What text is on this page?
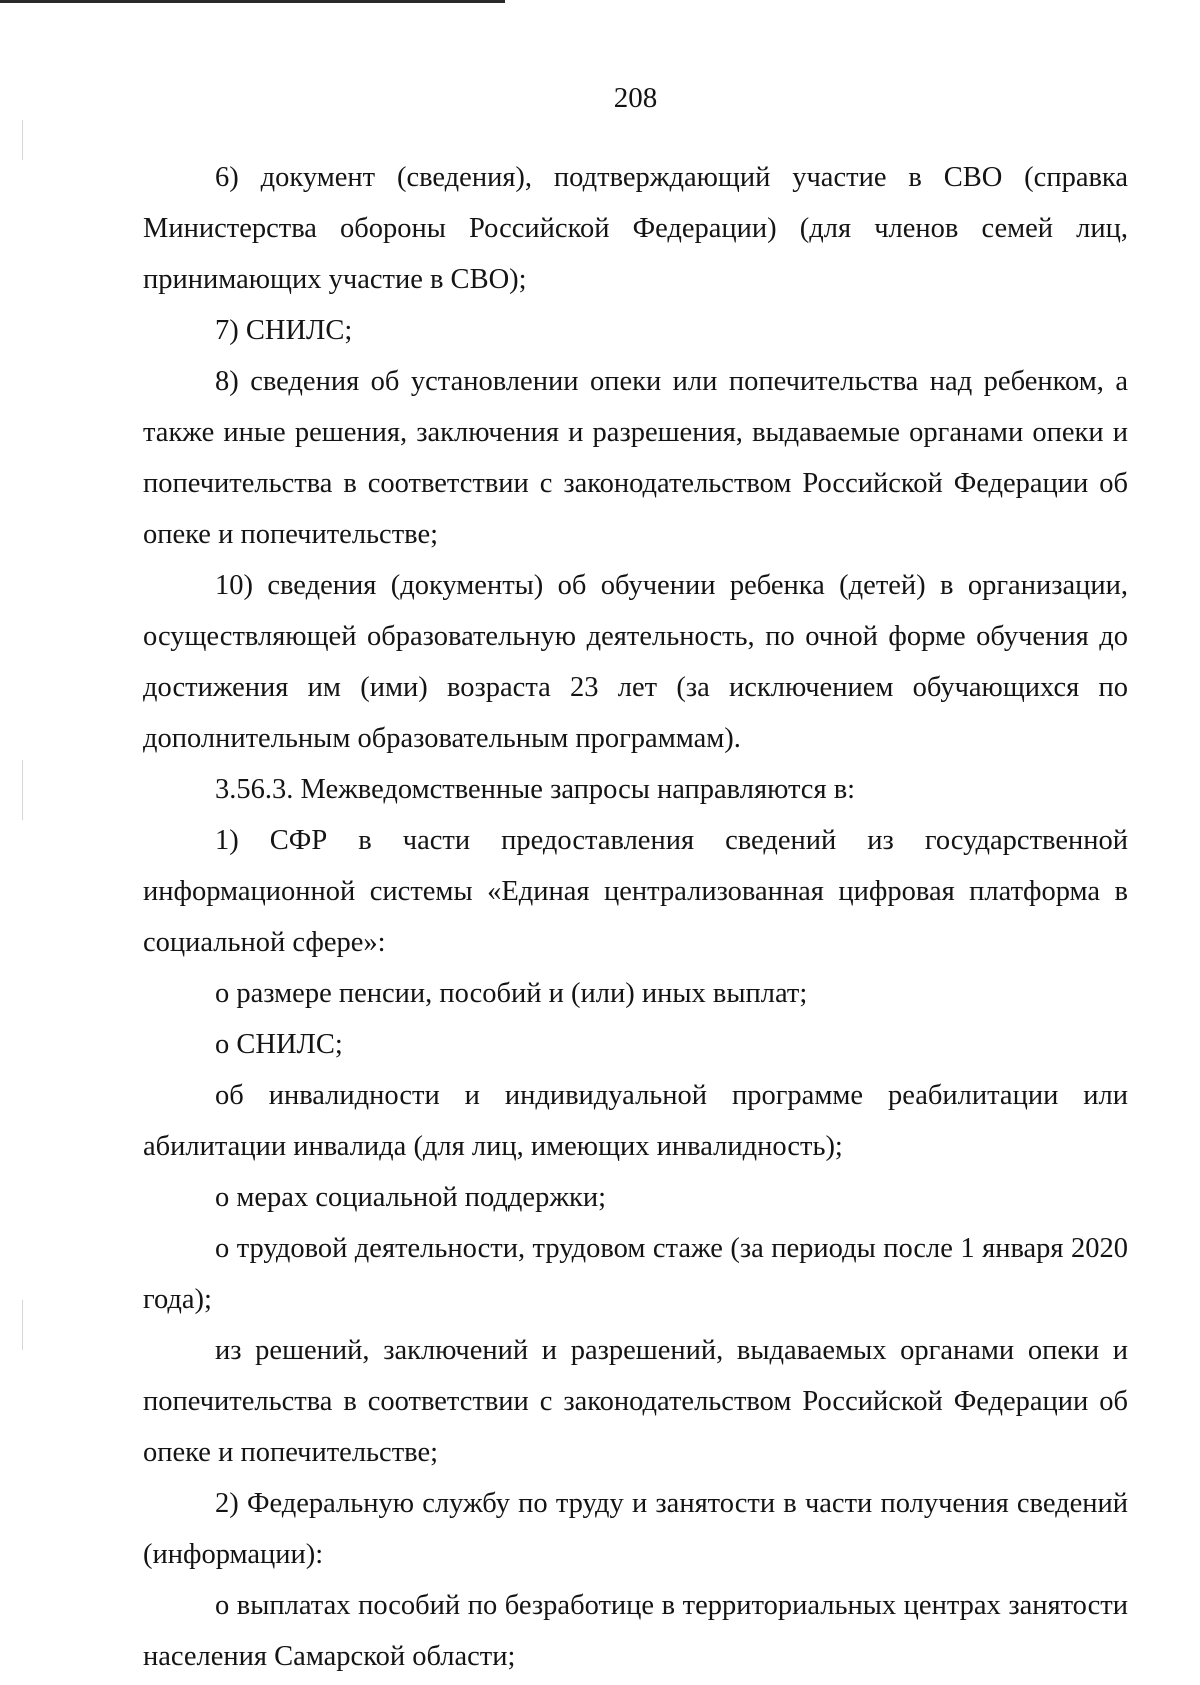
208

6) документ (сведения), подтверждающий участие в СВО (справка Министерства обороны Российской Федерации) (для членов семей лиц, принимающих участие в СВО);

7) СНИЛС;

8) сведения об установлении опеки или попечительства над ребенком, а также иные решения, заключения и разрешения, выдаваемые органами опеки и попечительства в соответствии с законодательством Российской Федерации об опеке и попечительстве;

10) сведения (документы) об обучении ребенка (детей) в организации, осуществляющей образовательную деятельность, по очной форме обучения до достижения им (ими) возраста 23 лет (за исключением обучающихся по дополнительным образовательным программам).

3.56.3. Межведомственные запросы направляются в:

1) СФР в части предоставления сведений из государственной информационной системы «Единая централизованная цифровая платформа в социальной сфере»:

о размере пенсии, пособий и (или) иных выплат;

о СНИЛС;

об инвалидности и индивидуальной программе реабилитации или абилитации инвалида (для лиц, имеющих инвалидность);

о мерах социальной поддержки;

о трудовой деятельности, трудовом стаже (за периоды после 1 января 2020 года);

из решений, заключений и разрешений, выдаваемых органами опеки и попечительства в соответствии с законодательством Российской Федерации об опеке и попечительстве;

2) Федеральную службу по труду и занятости в части получения сведений (информации):

о выплатах пособий по безработице в территориальных центрах занятости населения Самарской области;
